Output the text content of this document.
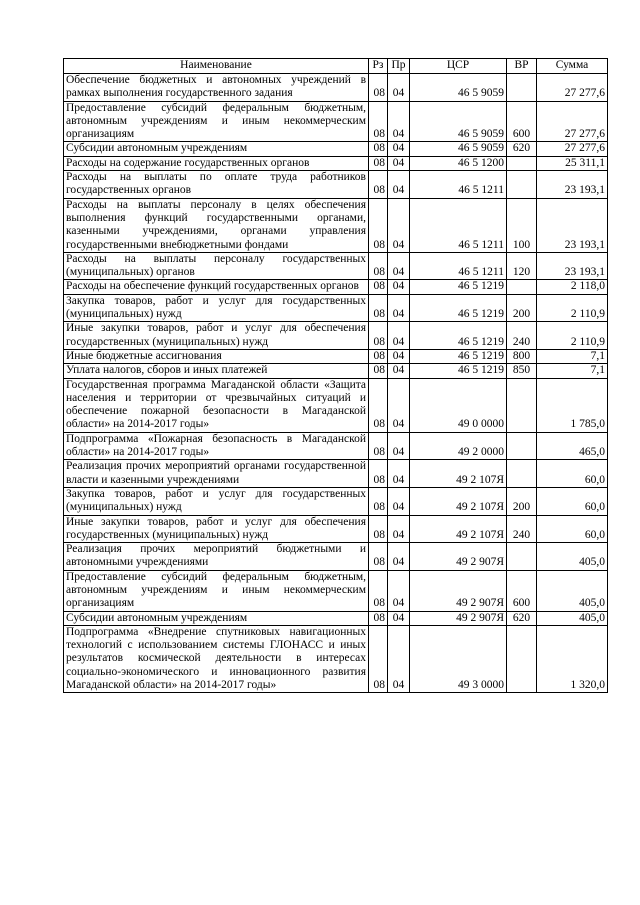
Наименование	Рз	Пр	ЦСР	ВР	Сумма
Обеспечение бюджетных и автономных учреждений в рамках выполнения государственного задания	08	04	46 5 9059		27 277,6
Предоставление субсидий федеральным бюджетным, автономным учреждениям и иным некоммерческим организациям	08	04	46 5 9059	600	27 277,6
Субсидии автономным учреждениям	08	04	46 5 9059	620	27 277,6
Расходы на содержание государственных органов	08	04	46 5 1200		25 311,1
Расходы на выплаты по оплате труда работников государственных органов	08	04	46 5 1211		23 193,1
Расходы на выплаты персоналу в целях обеспечения выполнения функций государственными органами, казенными учреждениями, органами управления государственными внебюджетными фондами	08	04	46 5 1211	100	23 193,1
Расходы на выплаты персоналу государственных (муниципальных) органов	08	04	46 5 1211	120	23 193,1
Расходы на обеспечение функций государственных органов	08	04	46 5 1219		2 118,0
Закупка товаров, работ и услуг для государственных (муниципальных) нужд	08	04	46 5 1219	200	2 110,9
Иные закупки товаров, работ и услуг для обеспечения государственных (муниципальных) нужд	08	04	46 5 1219	240	2 110,9
Иные бюджетные ассигнования	08	04	46 5 1219	800	7,1
Уплата налогов, сборов и иных платежей	08	04	46 5 1219	850	7,1
Государственная программа Магаданской области «Защита населения и территории от чрезвычайных ситуаций и обеспечение пожарной безопасности в Магаданской области» на 2014-2017 годы»	08	04	49 0 0000		1 785,0
Подпрограмма «Пожарная безопасность в Магаданской области» на 2014-2017 годы»	08	04	49 2 0000		465,0
Реализация прочих мероприятий органами государственной власти и казенными учреждениями	08	04	49 2 107Я		60,0
Закупка товаров, работ и услуг для государственных (муниципальных) нужд	08	04	49 2 107Я	200	60,0
Иные закупки товаров, работ и услуг для обеспечения государственных (муниципальных) нужд	08	04	49 2 107Я	240	60,0
Реализация прочих мероприятий бюджетными и автономными учреждениями	08	04	49 2 907Я		405,0
Предоставление субсидий федеральным бюджетным, автономным учреждениям и иным некоммерческим организациям	08	04	49 2 907Я	600	405,0
Субсидии автономным учреждениям	08	04	49 2 907Я	620	405,0
Подпрограмма «Внедрение спутниковых навигационных технологий с использованием системы ГЛОНАСС и иных результатов космической деятельности в интересах социально-экономического и инновационного развития Магаданской области» на 2014-2017 годы»	08	04	49 3 0000		1 320,0
